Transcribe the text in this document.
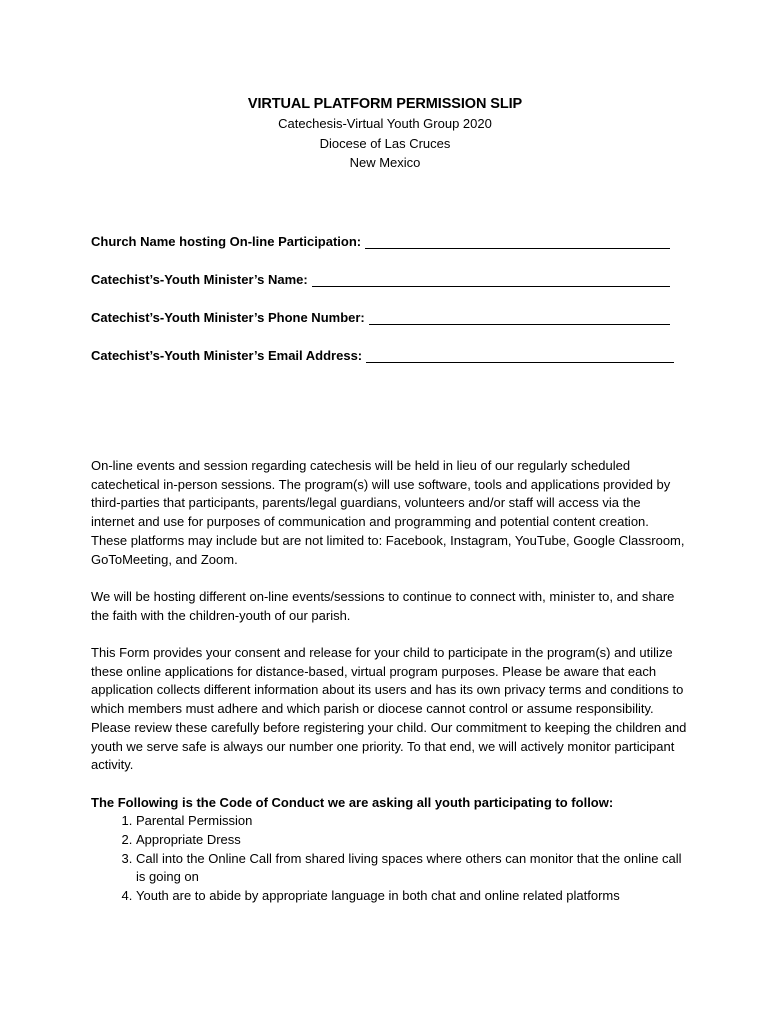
VIRTUAL PLATFORM PERMISSION SLIP
Catechesis-Virtual Youth Group 2020
Diocese of Las Cruces
New Mexico
Church Name hosting On-line Participation:
Catechist’s-Youth Minister’s Name:
Catechist’s-Youth Minister’s Phone Number:
Catechist’s-Youth Minister’s Email Address:

On-line events and session regarding catechesis will be held in lieu of our regularly scheduled catechetical in-person sessions. The program(s) will use software, tools and applications provided by third-parties that participants, parents/legal guardians, volunteers and/or staff will access via the internet and use for purposes of communication and programming and potential content creation. These platforms may include but are not limited to: Facebook, Instagram, YouTube, Google Classroom, GoToMeeting, and Zoom.

We will be hosting different on-line events/sessions to continue to connect with, minister to, and share the faith with the children-youth of our parish.

This Form provides your consent and release for your child to participate in the program(s) and utilize these online applications for distance-based, virtual program purposes. Please be aware that each application collects different information about its users and has its own privacy terms and conditions to which members must adhere and which parish or diocese cannot control or assume responsibility. Please review these carefully before registering your child. Our commitment to keeping the children and youth we serve safe is always our number one priority. To that end, we will actively monitor participant activity.

The Following is the Code of Conduct we are asking all youth participating to follow:
1. Parental Permission
2. Appropriate Dress
3. Call into the Online Call from shared living spaces where others can monitor that the online call is going on
4. Youth are to abide by appropriate language in both chat and online related platforms
